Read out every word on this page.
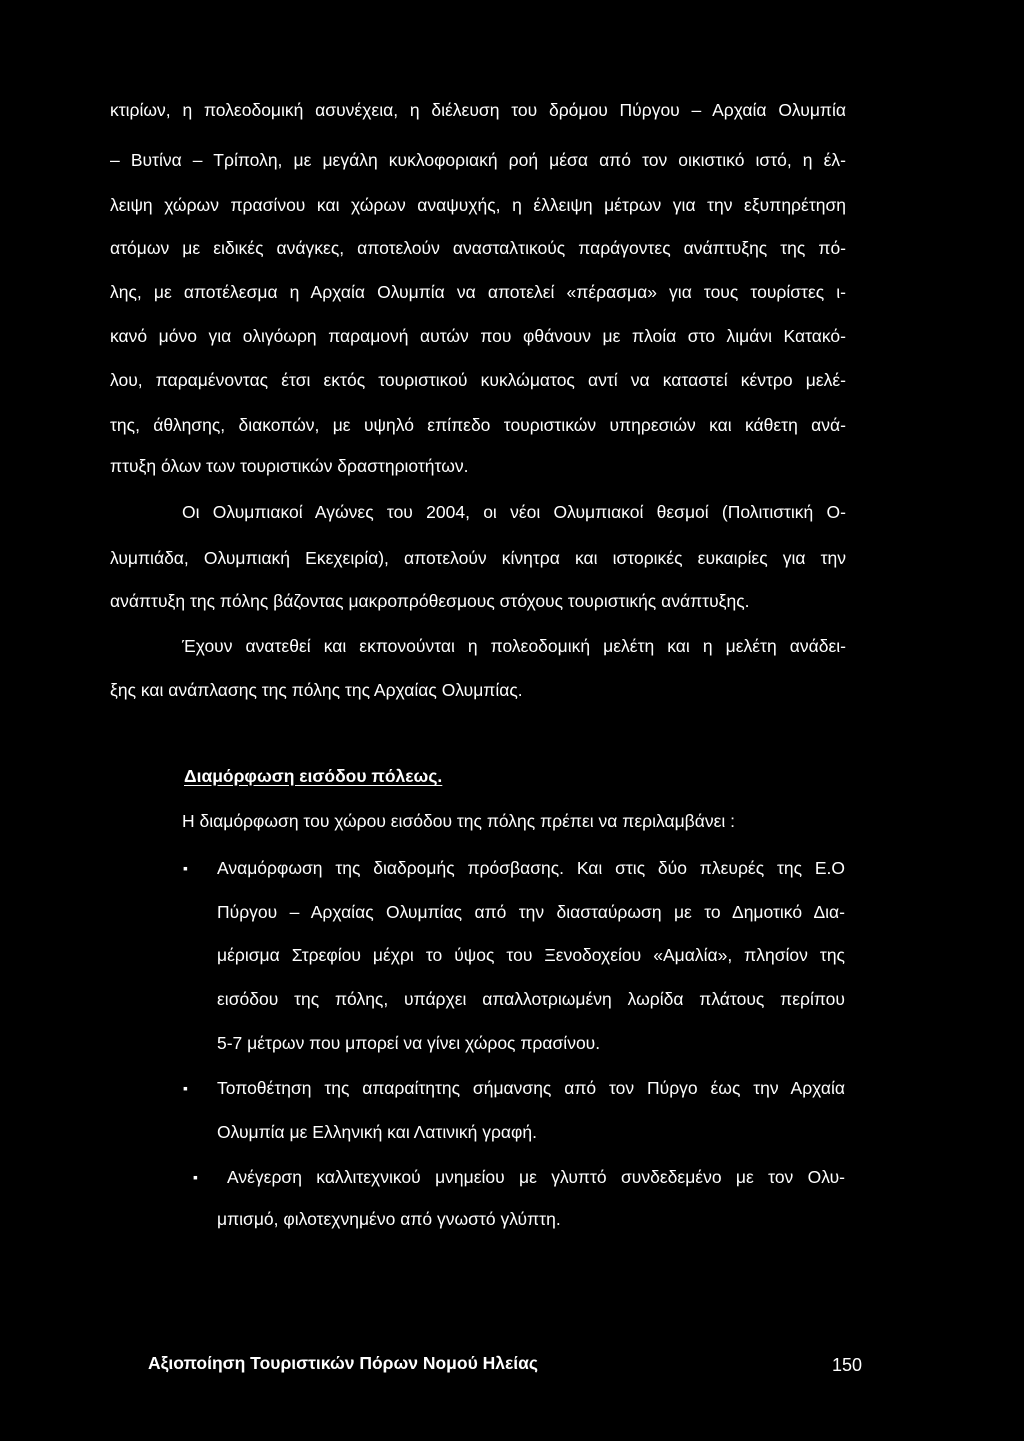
κτιρίων, η πολεοδομική ασυνέχεια, η διέλευση του δρόμου Πύργου – Αρχαία Ολυμπία
– Βυτίνα – Τρίπολη, με μεγάλη κυκλοφοριακή ροή μέσα από τον οικιστικό ιστό, η έλ-
λειψη χώρων πρασίνου και χώρων αναψυχής, η έλλειψη μέτρων για την εξυπηρέτηση
ατόμων με ειδικές ανάγκες, αποτελούν ανασταλτικούς παράγοντες ανάπτυξης της πό-
λης, με αποτέλεσμα η Αρχαία Ολυμπία να αποτελεί «πέρασμα» για τους τουρίστες ι-
κανό μόνο για ολιγόωρη παραμονή αυτών που φθάνουν με πλοία στο λιμάνι Κατακό-
λου, παραμένοντας έτσι εκτός τουριστικού κυκλώματος αντί να καταστεί κέντρο μελέ-
της, άθλησης, διακοπών, με υψηλό επίπεδο τουριστικών υπηρεσιών και κάθετη ανά-
πτυξη όλων των τουριστικών δραστηριοτήτων.
Οι Ολυμπιακοί Αγώνες του 2004, οι νέοι Ολυμπιακοί θεσμοί (Πολιτιστική Ο-
λυμπιάδα, Ολυμπιακή Εκεχειρία), αποτελούν κίνητρα και ιστορικές ευκαιρίες για την
ανάπτυξη της πόλης βάζοντας μακροπρόθεσμους στόχους τουριστικής ανάπτυξης.
Έχουν ανατεθεί και εκπονούνται η πολεοδομική μελέτη και η μελέτη ανάδει-
ξης και ανάπλασης της πόλης της Αρχαίας Ολυμπίας.
Διαμόρφωση εισόδου πόλεως.
Η διαμόρφωση του χώρου εισόδου της πόλης πρέπει να περιλαμβάνει :
▪ Αναμόρφωση της διαδρομής πρόσβασης. Και στις δύο πλευρές της Ε.Ο
Πύργου – Αρχαίας Ολυμπίας από την διασταύρωση με το Δημοτικό Δια-
μέρισμα Στρεφίου μέχρι το ύψος του Ξενοδοχείου «Αμαλία», πλησίον της
εισόδου της πόλης, υπάρχει απαλλοτριωμένη λωρίδα πλάτους περίπου
5-7 μέτρων που μπορεί να γίνει χώρος πρασίνου.
▪ Τοποθέτηση της απαραίτητης σήμανσης από τον Πύργο έως την Αρχαία
Ολυμπία με Ελληνική και Λατινική γραφή.
▪ Ανέγερση καλλιτεχνικού μνημείου με γλυπτό συνδεδεμένο με τον Ολυ-
μπισμό, φιλοτεχνημένο από γνωστό γλύπτη.
Αξιοποίηση Τουριστικών Πόρων Νομού Ηλείας	150
